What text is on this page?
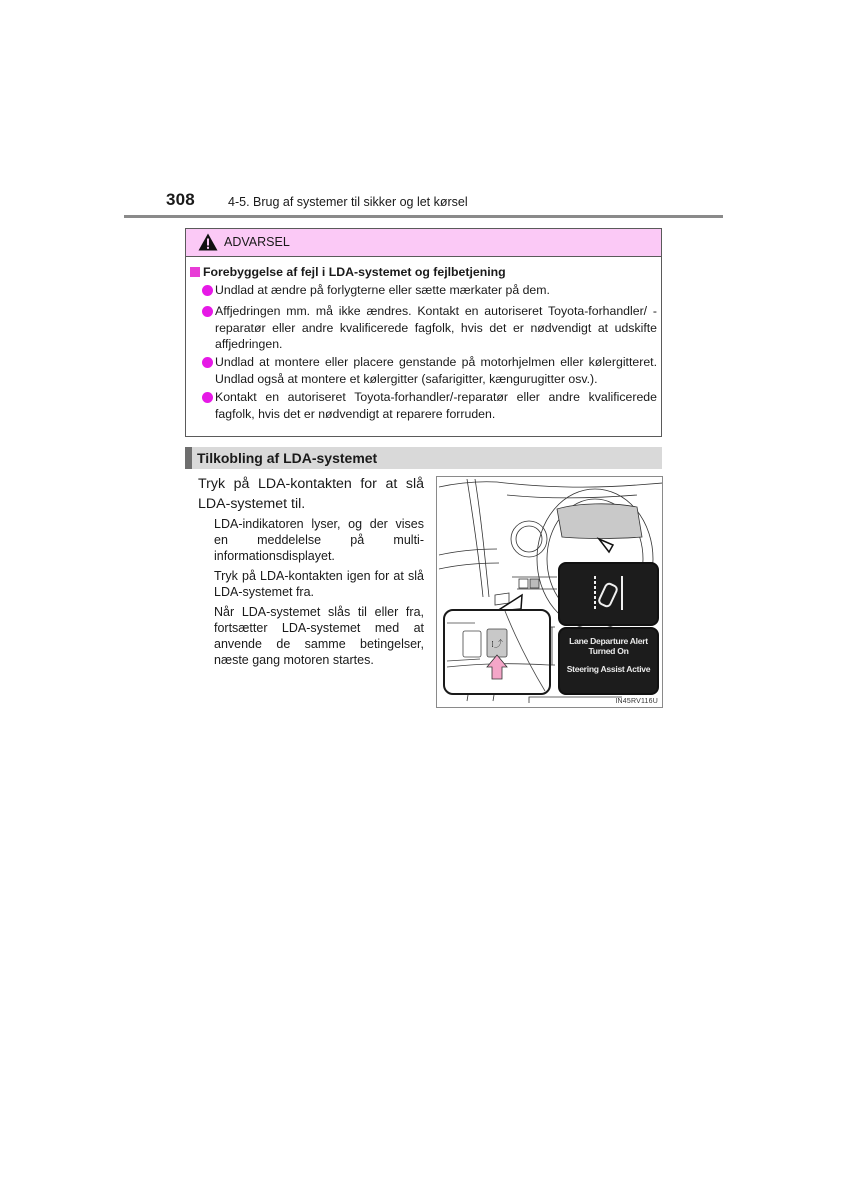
308	4-5. Brug af systemer til sikker og let kørsel
ADVARSEL
Forebyggelse af fejl i LDA-systemet og fejlbetjening
Undlad at ændre på forlygterne eller sætte mærkater på dem.
Affjedringen mm. må ikke ændres. Kontakt en autoriseret Toyota-forhandler/ -reparatør eller andre kvalificerede fagfolk, hvis det er nødvendigt at udskifte affjedringen.
Undlad at montere eller placere genstande på motorhjelmen eller kølergitteret. Undlad også at montere et kølergitter (safarigitter, kængurugitter osv.).
Kontakt en autoriseret Toyota-forhandler/-reparatør eller andre kvalificerede fagfolk, hvis det er nødvendigt at reparere forruden.
Tilkobling af LDA-systemet
Tryk på LDA-kontakten for at slå LDA-systemet til.
LDA-indikatoren lyser, og der vises en meddelelse på multi-informationsdisplayet.
Tryk på LDA-kontakten igen for at slå LDA-systemet fra.
Når LDA-systemet slås til eller fra, fortsætter LDA-systemet med at anvende de samme betingelser, næste gang motoren startes.
Lane Departure Alert Turned On
Steering Assist Active
⁞⤴
IN45RV116U
